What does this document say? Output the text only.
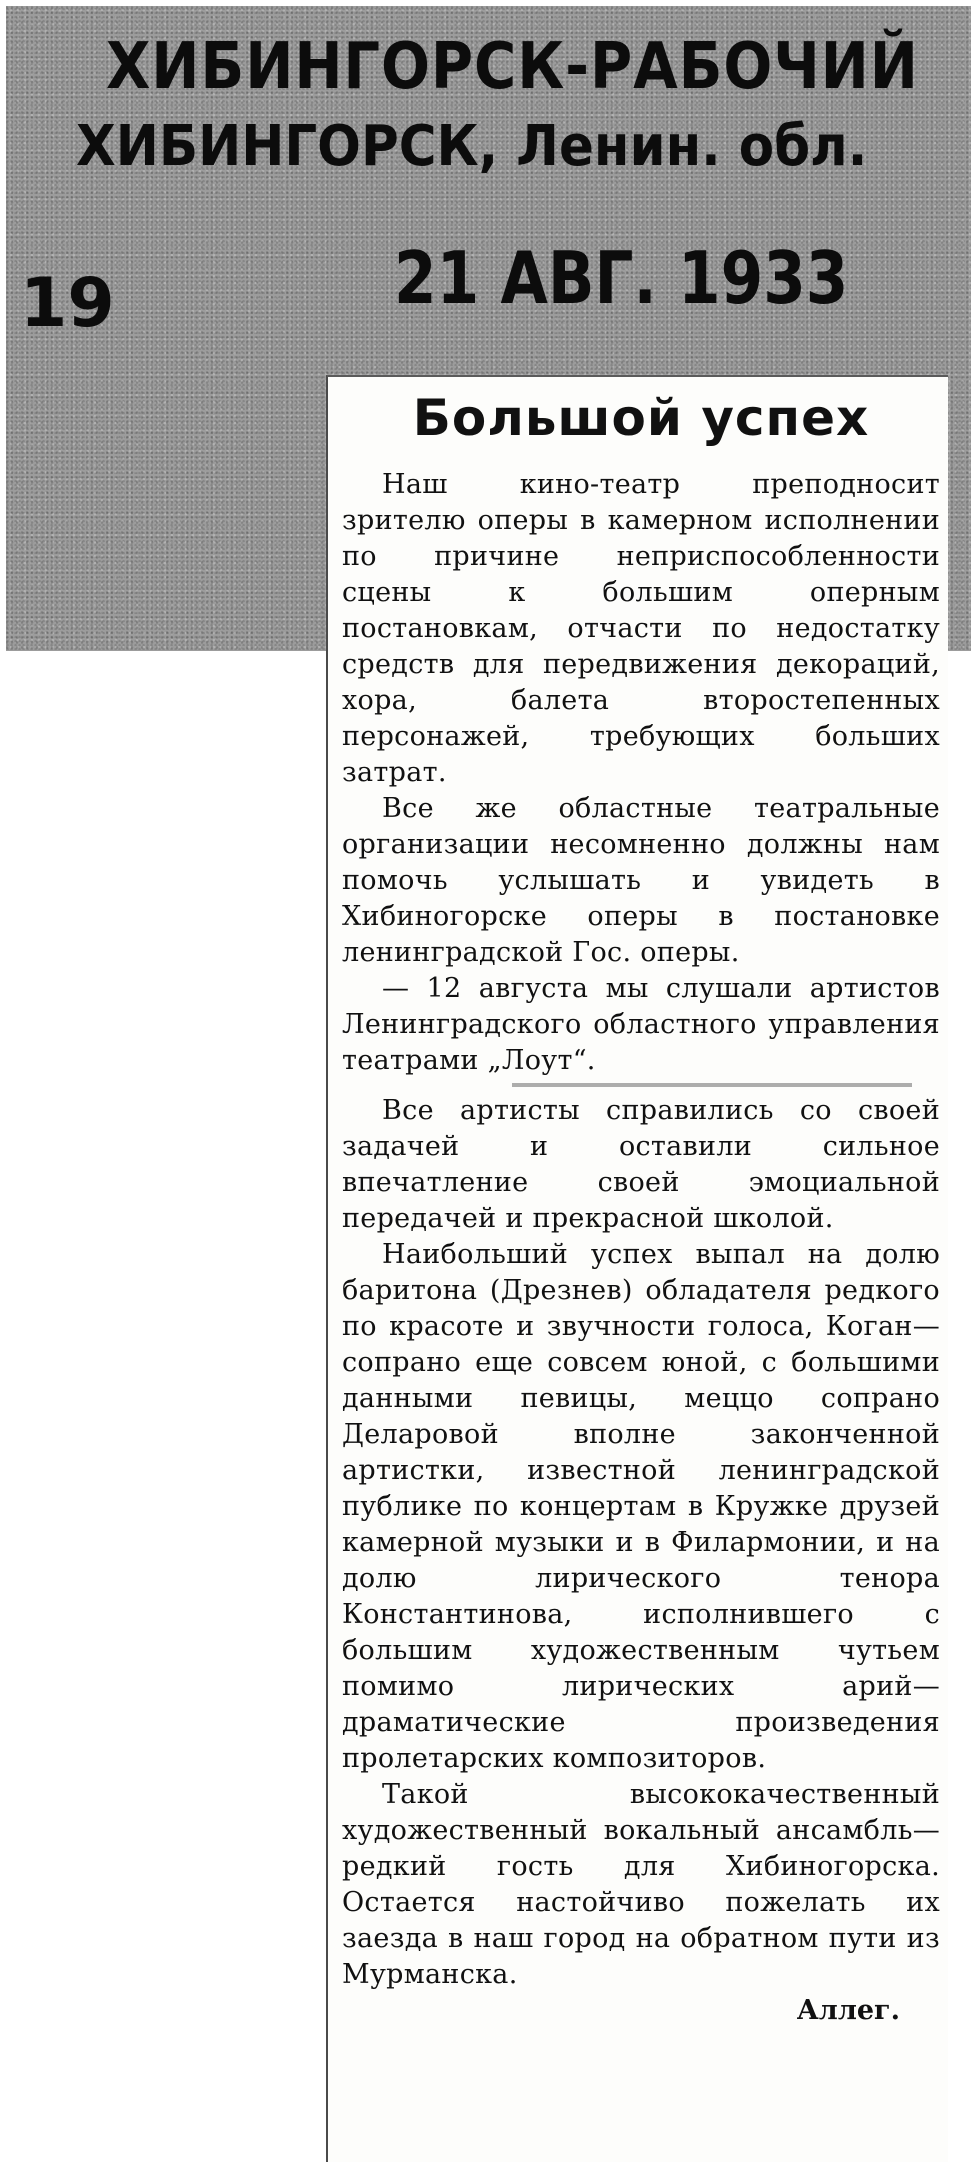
ХИБИНГОРСК-РАБОЧИЙ
ХИБИНГОРСК, Ленин. обл.
19	21 АВГ. 1933
Большой успех

Наш кино-театр преподносит зрителю оперы в камерном исполнении по причине неприспособленности сцены к большим оперным постановкам, отчасти по недостатку средств для передвижения декораций, хора, балета второстепенных персонажей, требующих больших затрат.

Все же областные театральные организации несомненно должны нам помочь услышать и увидеть в Хибиногорске оперы в постановке ленинградской Гос. оперы.

— 12 августа мы слушали артистов Ленинградского областного управления театрами „Лоут“.

Все артисты справились со своей задачей и оставили сильное впечатление своей эмоциальной передачей и прекрасной школой.

Наибольший успех выпал на долю баритона (Дрезнев) обладателя редкого по красоте и звучности голоса, Коган—сопрано еще совсем юной, с большими данными певицы, меццо сопрано Деларовой вполне законченной артистки, известной ленинградской публике по концертам в Кружке друзей камерной музыки и в Филармонии, и на долю лирического тенора Константинова, исполнившего с большим художественным чутьем помимо лирических арий—драматические произведения пролетарских композиторов.

Такой высококачественный художественный вокальный ансамбль—редкий гость для Хибиногорска. Остается настойчиво пожелать их заезда в наш город на обратном пути из Мурманска.

Аллег.
